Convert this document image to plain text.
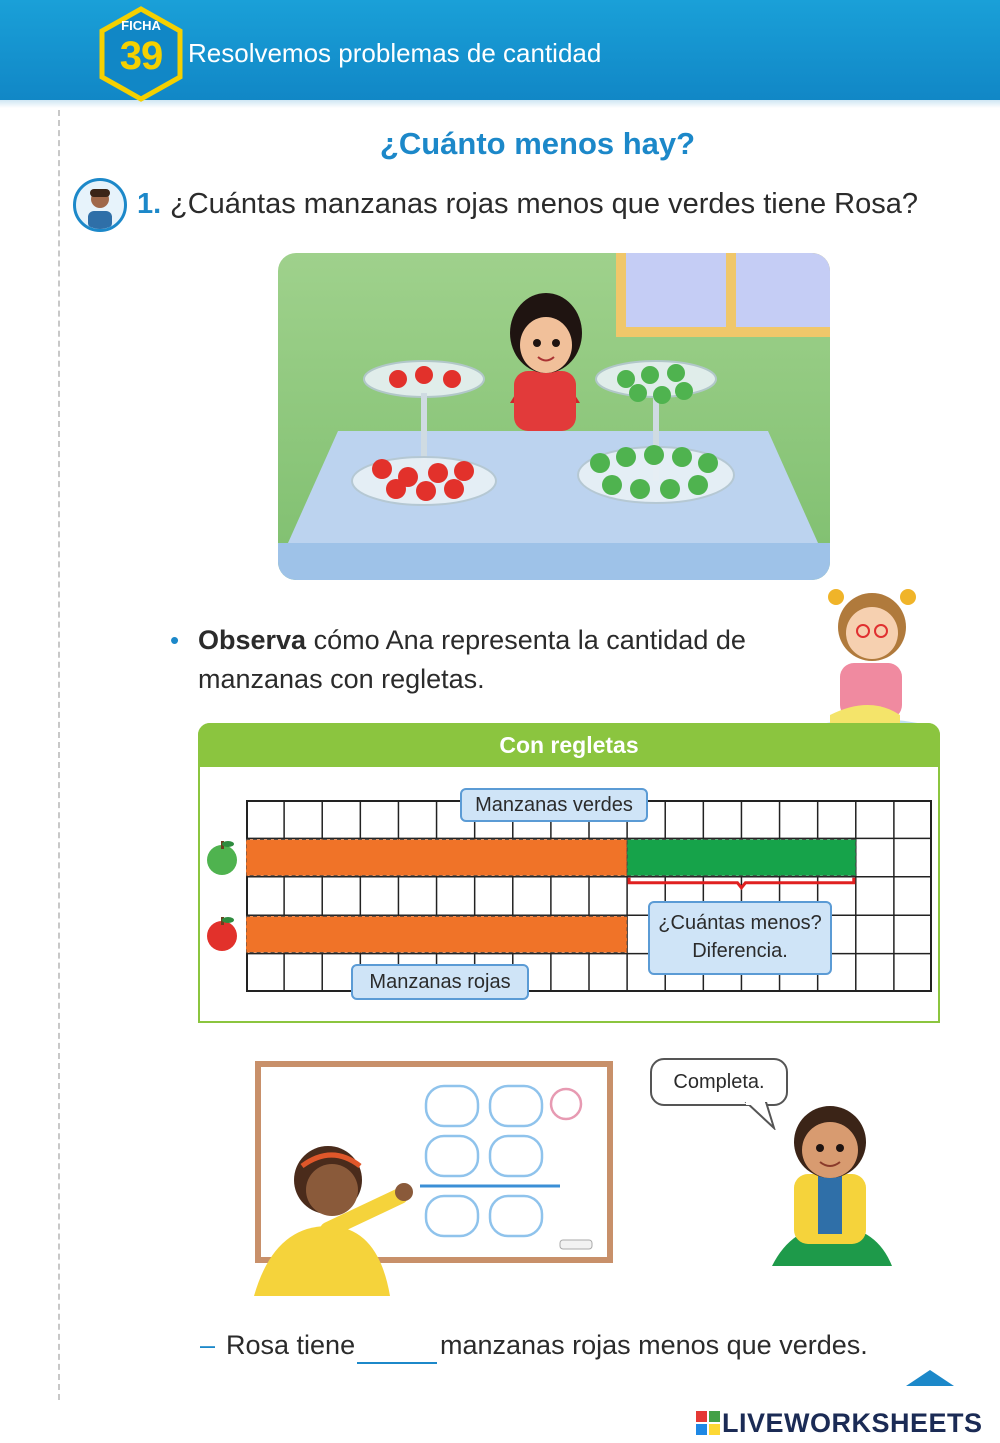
FICHA
39 Resolvemos problemas de cantidad
¿Cuánto menos hay?
1. ¿Cuántas manzanas rojas menos que verdes tiene Rosa?
• Observa cómo Ana representa la cantidad de
manzanas con regletas.
Con regletas
Manzanas verdes
Manzanas rojas
¿Cuántas menos?
Diferencia.
Completa.
– Rosa tiene	manzanas rojas menos que verdes.
LIVEWORKSHEETS
